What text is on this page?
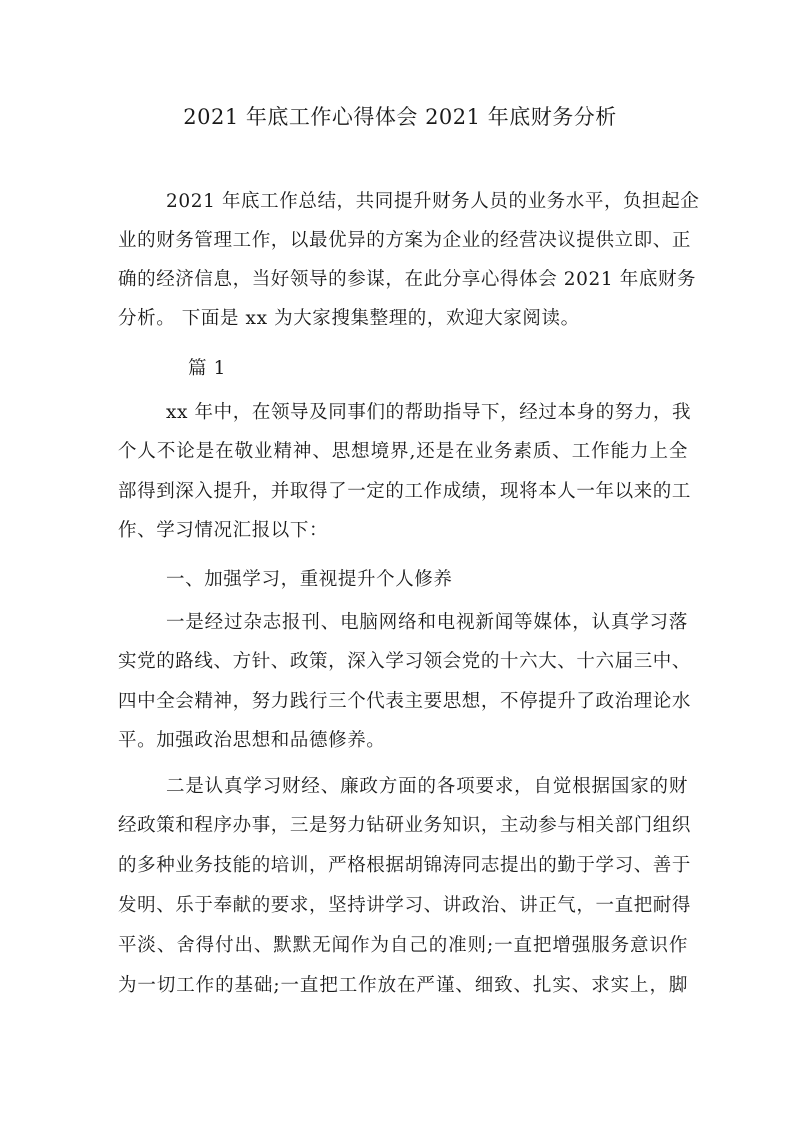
2021 年底工作心得体会 2021 年底财务分析

2021 年底工作总结，共同提升财务人员的业务水平，负担起企

业的财务管理工作，以最优异的方案为企业的经营决议提供立即、正

确的经济信息，当好领导的参谋，在此分享心得体会 2021 年底财务

分析。 下面是 xx 为大家搜集整理的，欢迎大家阅读。

篇 1

xx 年中，在领导及同事们的帮助指导下，经过本身的努力，我

个人不论是在敬业精神、思想境界,还是在业务素质、工作能力上全

部得到深入提升，并取得了一定的工作成绩，现将本人一年以来的工

作、学习情况汇报以下：

一、加强学习，重视提升个人修养

一是经过杂志报刊、电脑网络和电视新闻等媒体，认真学习落

实党的路线、方针、政策，深入学习领会党的十六大、十六届三中、

四中全会精神，努力践行三个代表主要思想，不停提升了政治理论水

平。加强政治思想和品德修养。

二是认真学习财经、廉政方面的各项要求，自觉根据国家的财

经政策和程序办事，三是努力钻研业务知识，主动参与相关部门组织

的多种业务技能的培训，严格根据胡锦涛同志提出的勤于学习、善于

发明、乐于奉献的要求，坚持讲学习、讲政治、讲正气，一直把耐得

平淡、舍得付出、默默无闻作为自己的准则;一直把增强服务意识作

为一切工作的基础;一直把工作放在严谨、细致、扎实、求实上，脚
